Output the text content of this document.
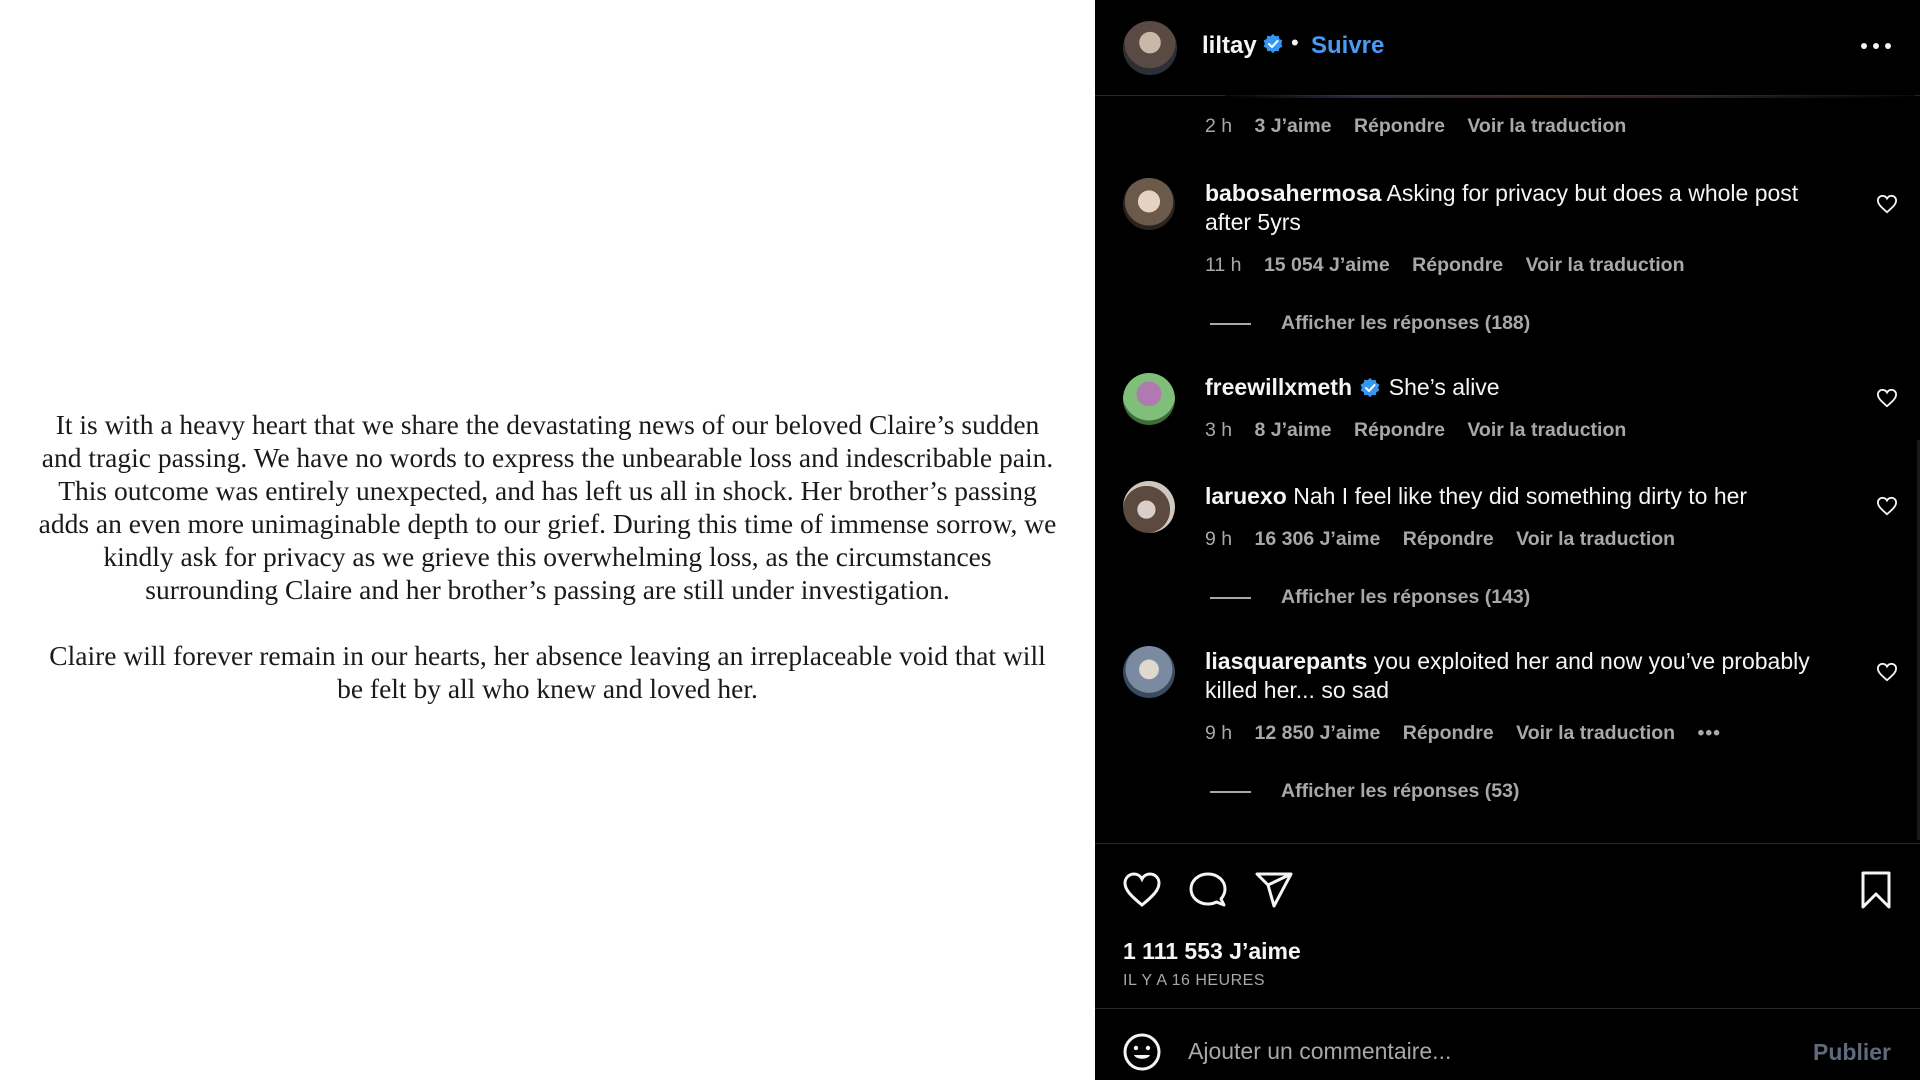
It is with a heavy heart that we share the devastating news of our beloved Claire’s sudden and tragic passing. We have no words to express the unbearable loss and indescribable pain. This outcome was entirely unexpected, and has left us all in shock. Her brother’s passing adds an even more unimaginable depth to our grief. During this time of immense sorrow, we kindly ask for privacy as we grieve this overwhelming loss, as the circumstances surrounding Claire and her brother’s passing are still under investigation.

Claire will forever remain in our hearts, her absence leaving an irreplaceable void that will be felt by all who knew and loved her.

liltay • Suivre
2 h 3 J’aime Répondre Voir la traduction
babosahermosa Asking for privacy but does a whole post after 5yrs
11 h 15 054 J’aime Répondre Voir la traduction
Afficher les réponses (188)
freewillxmeth She’s alive
3 h 8 J’aime Répondre Voir la traduction
laruexo Nah I feel like they did something dirty to her
9 h 16 306 J’aime Répondre Voir la traduction
Afficher les réponses (143)
liasquarepants you exploited her and now you’ve probably killed her... so sad
9 h 12 850 J’aime Répondre Voir la traduction •••
Afficher les réponses (53)
1 111 553 J’aime
IL Y A 16 HEURES
Ajouter un commentaire...
Publier
